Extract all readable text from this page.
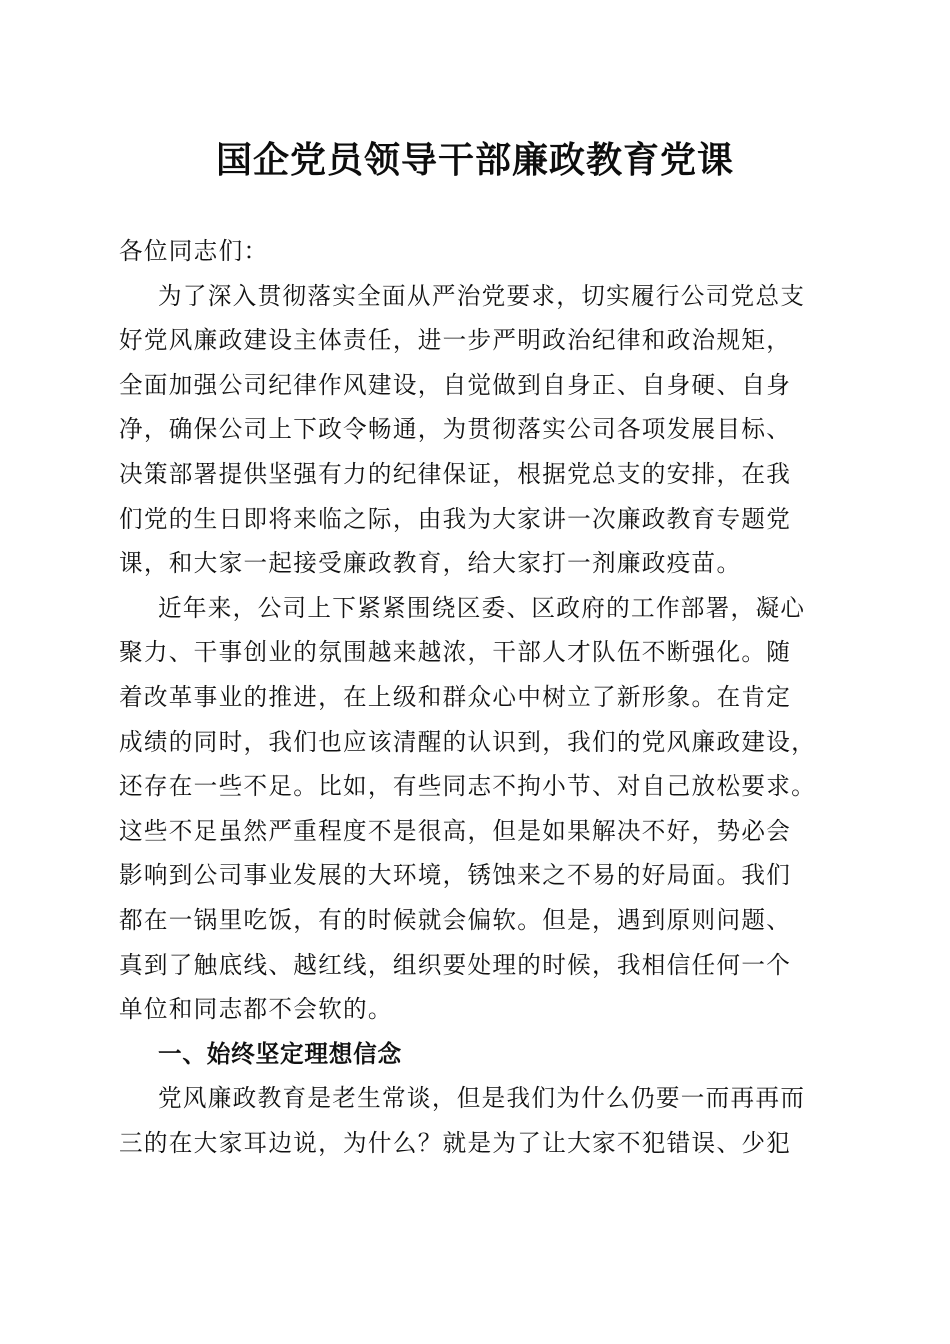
国企党员领导干部廉政教育党课
各位同志们：
为了深入贯彻落实全面从严治党要求，切实履行公司党总支
好党风廉政建设主体责任，进一步严明政治纪律和政治规矩，
全面加强公司纪律作风建设，自觉做到自身正、自身硬、自身
净，确保公司上下政令畅通，为贯彻落实公司各项发展目标、
决策部署提供坚强有力的纪律保证，根据党总支的安排，在我
们党的生日即将来临之际，由我为大家讲一次廉政教育专题党
课，和大家一起接受廉政教育，给大家打一剂廉政疫苗。
近年来，公司上下紧紧围绕区委、区政府的工作部署，凝心
聚力、干事创业的氛围越来越浓，干部人才队伍不断强化。随
着改革事业的推进，在上级和群众心中树立了新形象。在肯定
成绩的同时，我们也应该清醒的认识到，我们的党风廉政建设，
还存在一些不足。比如，有些同志不拘小节、对自己放松要求。
这些不足虽然严重程度不是很高，但是如果解决不好，势必会
影响到公司事业发展的大环境，锈蚀来之不易的好局面。我们
都在一锅里吃饭，有的时候就会偏软。但是，遇到原则问题、
真到了触底线、越红线，组织要处理的时候，我相信任何一个
单位和同志都不会软的。
一、始终坚定理想信念
党风廉政教育是老生常谈，但是我们为什么仍要一而再再而
三的在大家耳边说，为什么？就是为了让大家不犯错误、少犯
